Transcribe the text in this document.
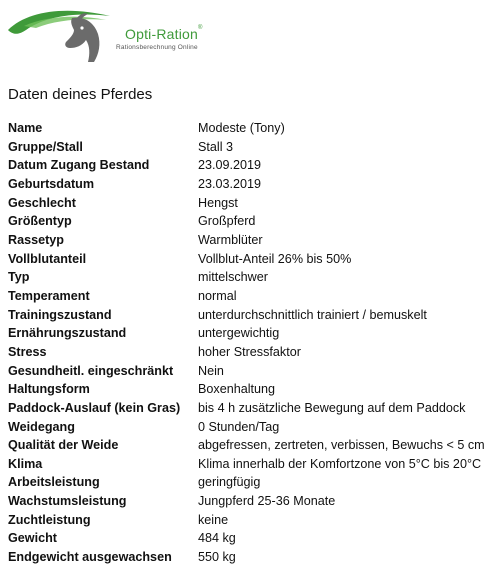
Opti-Ration®
Rationsberechnung Online
Daten deines Pferdes
Name	Modeste (Tony)
Gruppe/Stall	Stall 3
Datum Zugang Bestand	23.09.2019
Geburtsdatum	23.03.2019
Geschlecht	Hengst
Größentyp	Großpferd
Rassetyp	Warmblüter
Vollblutanteil	Vollblut-Anteil 26% bis 50%
Typ	mittelschwer
Temperament	normal
Trainingszustand	unterdurchschnittlich trainiert / bemuskelt
Ernährungszustand	untergewichtig
Stress	hoher Stressfaktor
Gesundheitl. eingeschränkt	Nein
Haltungsform	Boxenhaltung
Paddock-Auslauf (kein Gras)	bis 4 h zusätzliche Bewegung auf dem Paddock
Weidegang	0 Stunden/Tag
Qualität der Weide	abgefressen, zertreten, verbissen, Bewuchs < 5 cm
Klima	Klima innerhalb der Komfortzone von 5°C bis 20°C
Arbeitsleistung	geringfügig
Wachstumsleistung	Jungpferd 25-36 Monate
Zuchtleistung	keine
Gewicht	484 kg
Endgewicht ausgewachsen	550 kg
